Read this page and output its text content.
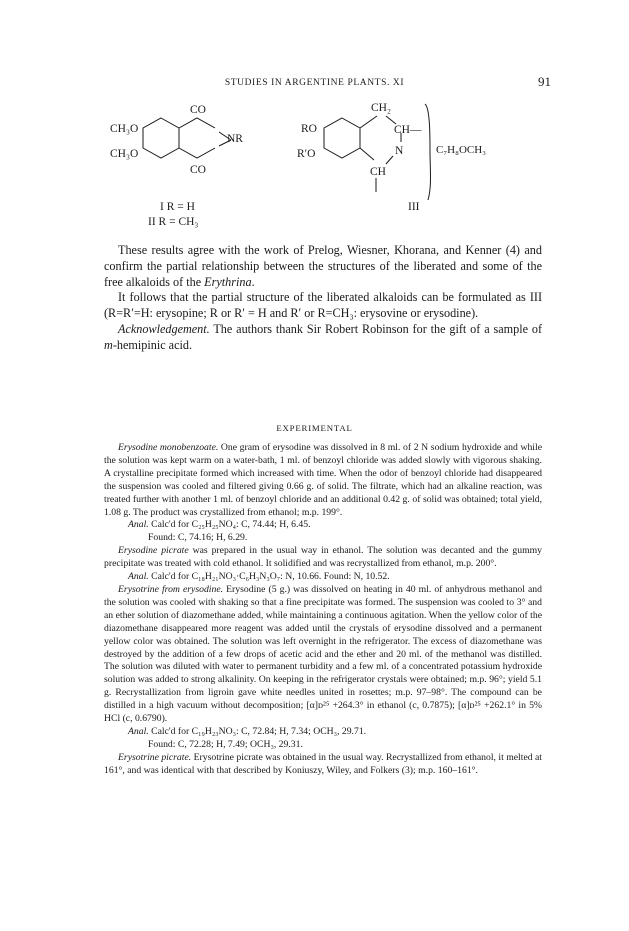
STUDIES IN ARGENTINE PLANTS. XI	91
CO
CO
NR
CH₃O
CH₃O
I R = H
II R = CH₃
CH₂
CH—
N
CH
RO
R′O	C₇H₈OCH₃
III

These results agree with the work of Prelog, Wiesner, Khorana, and Kenner (4) and confirm the partial relationship between the structures of the liberated and some of the free alkaloids of the Erythrina.

It follows that the partial structure of the liberated alkaloids can be formulated as III (R=R′=H: erysopine; R or R′ = H and R′ or R=CH₃: erysovine or erysodine).

Acknowledgement. The authors thank Sir Robert Robinson for the gift of a sample of m-hemipinic acid.

EXPERIMENTAL

Erysodine monobenzoate. One gram of erysodine was dissolved in 8 ml. of 2 N sodium hydroxide and while the solution was kept warm on a water-bath, 1 ml. of benzoyl chloride was added slowly with vigorous shaking. A crystalline precipitate formed which increased with time. When the odor of benzoyl chloride had disappeared the suspension was cooled and filtered giving 0.66 g. of solid. The filtrate, which had an alkaline reaction, was treated further with another 1 ml. of benzoyl chloride and an additional 0.42 g. of solid was obtained; total yield, 1.08 g. The product was crystallized from ethanol; m.p. 199°.

Anal. Calc'd for C₂₅H₂₅NO₄: C, 74.44; H, 6.45.

Found: C, 74.16; H, 6.29.

Erysodine picrate was prepared in the usual way in ethanol. The solution was decanted and the gummy precipitate was treated with cold ethanol. It solidified and was recrystallized from ethanol, m.p. 200°.

Anal. Calc'd for C₁₈H₂₁NO₃·C₆H₃N₃O₇: N, 10.66. Found: N, 10.52.

Erysotrine from erysodine. Erysodine (5 g.) was dissolved on heating in 40 ml. of anhydrous methanol and the solution was cooled with shaking so that a fine precipitate was formed. The suspension was cooled to 3° and an ether solution of diazomethane added, while maintaining a continuous agitation. When the yellow color of the diazomethane disappeared more reagent was added until the crystals of erysodine dissolved and a permanent yellow color was obtained. The solution was left overnight in the refrigerator. The excess of diazomethane was destroyed by the addition of a few drops of acetic acid and the ether and 20 ml. of the methanol was distilled. The solution was diluted with water to permanent turbidity and a few ml. of a concentrated potassium hydroxide solution was added to strong alkalinity. On keeping in the refrigerator crystals were obtained; m.p. 96°; yield 5.1 g. Recrystallization from ligroin gave white needles united in rosettes; m.p. 97–98°. The compound can be distilled in a high vacuum without decomposition; [α]ᴅ²⁵ +264.3° in ethanol (c, 0.7875); [α]ᴅ²⁵ +262.1° in 5% HCl (c, 0.6790).

Anal. Calc'd for C₁₉H₂₃NO₃: C, 72.84; H, 7.34; OCH₃, 29.71.

Found: C, 72.28; H, 7.49; OCH₃, 29.31.

Erysotrine picrate. Erysotrine picrate was obtained in the usual way. Recrystallized from ethanol, it melted at 161°, and was identical with that described by Koniuszy, Wiley, and Folkers (3); m.p. 160–161°.
